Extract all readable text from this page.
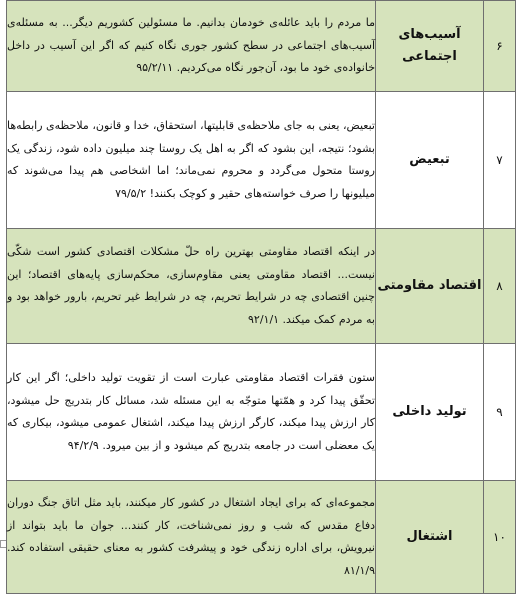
۶	آسیب‌های اجتماعی	ما مردم را باید عائله‌ی خودمان بدانیم. ما مسئولین کشوریم دیگر... به مسئله‌ی آسیب‌های اجتماعی در سطح کشور جوری نگاه کنیم که اگر این آسیب در داخل خانواده‌ی خود ما بود، آن‌جور نگاه می‌کردیم. ۹۵/۲/۱۱
۷	تبعیض	تبعیض، یعنی به جای ملاحظه‌ی قابلیتها، استحقاق، خدا و قانون، ملاحظه‌ی رابطه‌ها بشود؛ نتیجه، این بشود که اگر به اهل یک روستا چند میلیون داده شود، زندگی یک روستا متحول می‌گردد و محروم نمی‌ماند؛ اما اشخاصی هم پیدا می‌شوند که میلیونها را صرف خواسته‌های حقیر و کوچک بکنند! ۷۹/۵/۲
۸	اقتصاد مقاومتی	در اینکه اقتصاد مقاومتی بهترین راه حلّ مشکلات اقتصادی کشور است شکّی نیست... اقتصاد مقاومتی یعنی مقاوم‌سازی، محکم‌سازی پایه‌های اقتصاد؛ این چنین اقتصادی چه در شرایط تحریم، چه در شرایط غیر تحریم، بارور خواهد بود و به مردم کمک میکند. ۹۲/۱/۱
۹	تولید داخلی	ستون فقرات اقتصاد مقاومتی عبارت است از تقویت تولید داخلی؛ اگر این کار تحقّق پیدا کرد و همّتها متوجّه به این مسئله شد، مسائل کار بتدریج حل میشود، کار ارزش پیدا میکند، کارگر ارزش پیدا میکند، اشتغال عمومی میشود، بیکاری که یک معضلی است در جامعه بتدریج کم میشود و از بین میرود. ۹۴/۲/۹
۱۰	اشتغال	مجموعه‌ای که برای ایجاد اشتغال در کشور کار میکنند، باید مثل اتاق جنگ دوران دفاع مقدس که شب و روز نمی‌شناخت، کار کنند... جوان ما باید بتواند از نیرویش، برای اداره زندگی خود و پیشرفت کشور به معنای حقیقی استفاده کند. ۸۱/۱/۹
